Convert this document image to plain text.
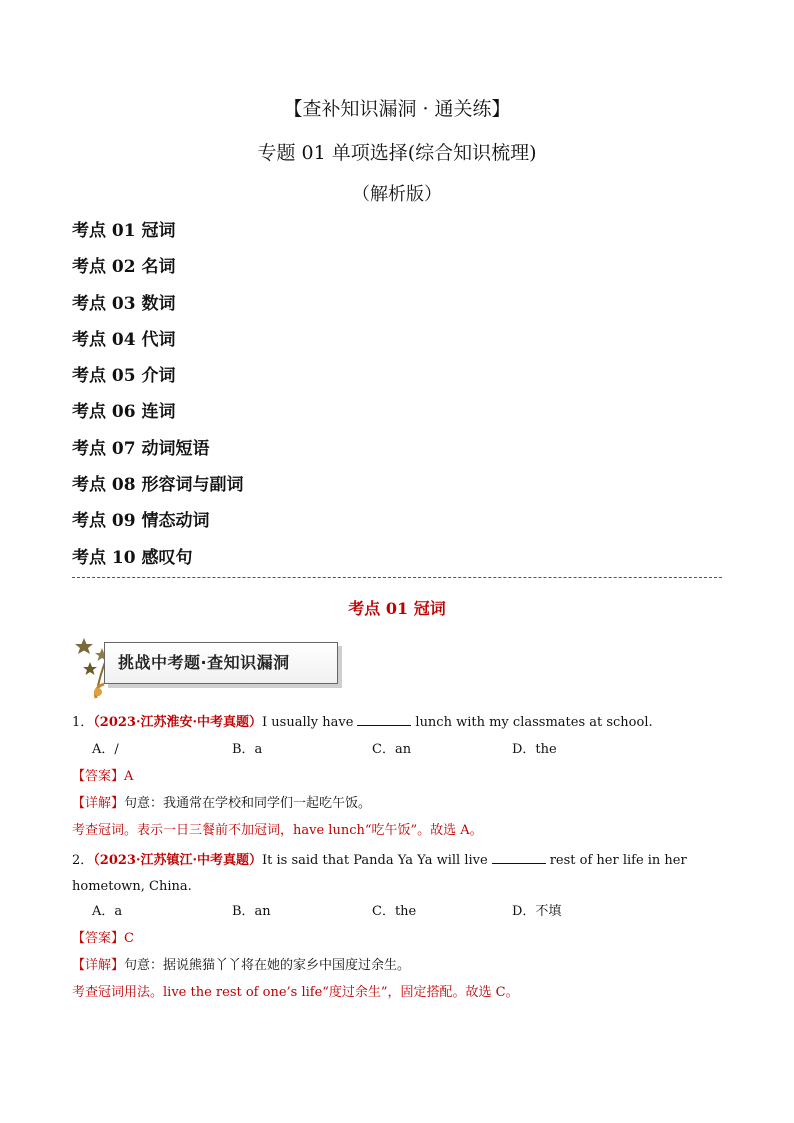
【查补知识漏洞 · 通关练】
专题 01 单项选择(综合知识梳理)
（解析版）
考点 01 冠词
考点 02 名词
考点 03 数词
考点 04 代词
考点 05 介词
考点 06 连词
考点 07 动词短语
考点 08 形容词与副词
考点 09 情态动词
考点 10 感叹句
考点 01 冠词
挑战中考题·查知识漏洞
1．（2023·江苏淮安·中考真题）I usually have	lunch with my classmates at school.
A．/	B．a	C．an	D．the
【答案】A
【详解】句意：我通常在学校和同学们一起吃午饭。
考查冠词。表示一日三餐前不加冠词，have lunch“吃午饭”。故选 A。
2．（2023·江苏镇江·中考真题）It is said that Panda Ya Ya will live	rest of her life in her hometown, China.
A．a	B．an	C．the	D．不填
【答案】C
【详解】句意：据说熊猫丫丫将在她的家乡中国度过余生。
考查冠词用法。live the rest of one’s life“度过余生”，固定搭配。故选 C。
